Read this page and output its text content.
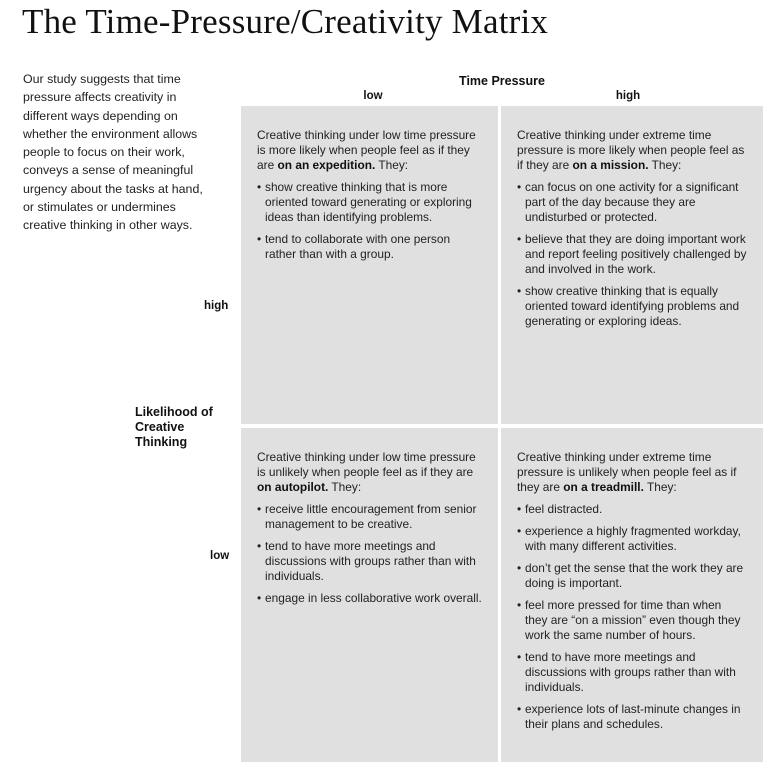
The Time-Pressure/Creativity Matrix
Our study suggests that time pressure affects creativity in different ways depending on whether the environment allows people to focus on their work, conveys a sense of meaningful urgency about the tasks at hand, or stimulates or undermines creative thinking in other ways.
Time Pressure
low	high
high
low
Likelihood of Creative Thinking

Creative thinking under low time pressure is more likely when people feel as if they are on an expedition. They:

• show creative thinking that is more oriented toward generating or exploring ideas than identifying problems.
• tend to collaborate with one person rather than with a group.

Creative thinking under extreme time pressure is more likely when people feel as if they are on a mission. They:

• can focus on one activity for a significant part of the day because they are undisturbed or protected.
• believe that they are doing important work and report feeling positively challenged by and involved in the work.
• show creative thinking that is equally oriented toward identifying problems and generating or exploring ideas.

Creative thinking under low time pressure is unlikely when people feel as if they are on autopilot. They:

• receive little encouragement from senior management to be creative.
• tend to have more meetings and discussions with groups rather than with individuals.
• engage in less collaborative work overall.

Creative thinking under extreme time pressure is unlikely when people feel as if they are on a treadmill. They:

• feel distracted.
• experience a highly fragmented workday, with many different activities.
• don’t get the sense that the work they are doing is important.
• feel more pressed for time than when they are “on a mission” even though they work the same number of hours.
• tend to have more meetings and discussions with groups rather than with individuals.
• experience lots of last-minute changes in their plans and schedules.
